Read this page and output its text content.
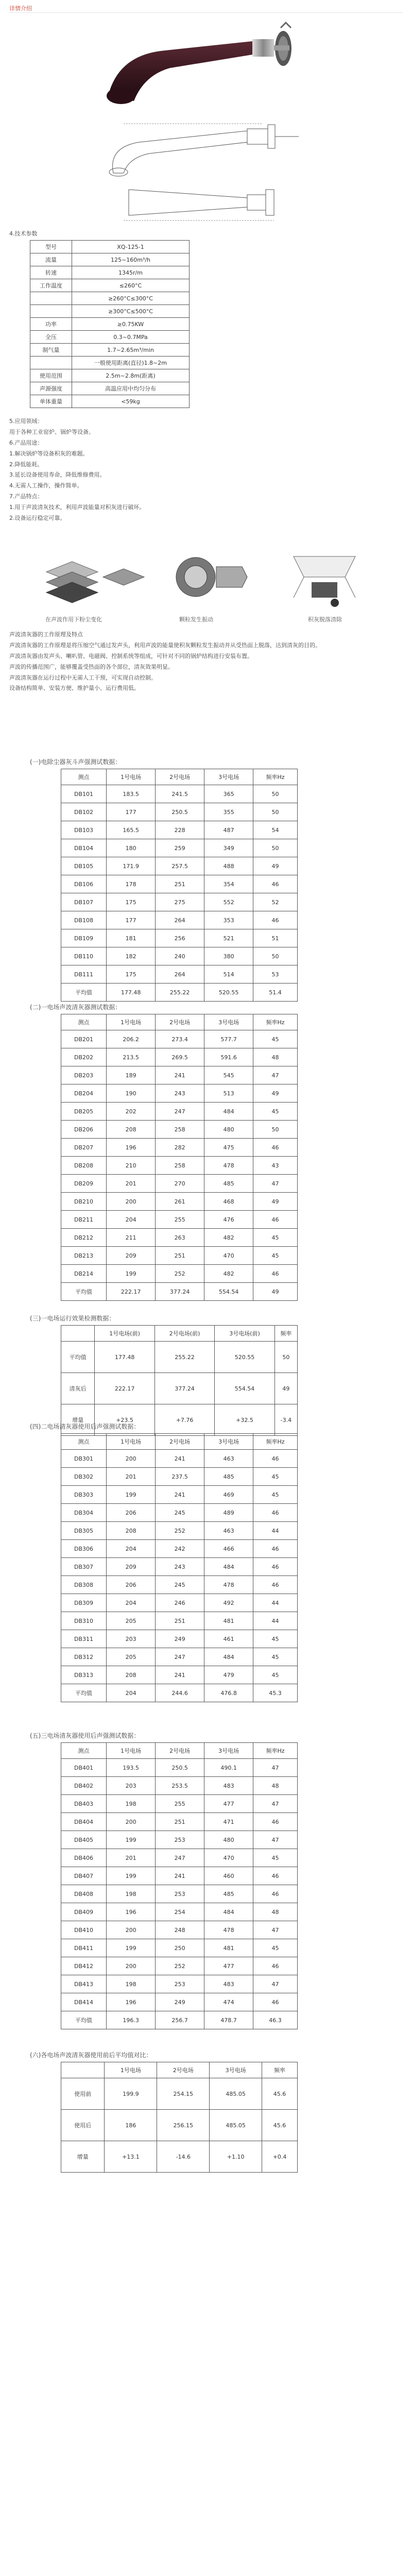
详情介绍
4.技术参数
型号	XQ-125-1
流量	125~160m³/h
转速	1345r/m
工作温度	≤260°C
	≥260°C≤300°C
	≥300°C≤500°C
功率	≥0.75KW
全压	0.3~0.7MPa
制气量	1.7~2.65m³/min
	一般使用距离(直径)1.8~2m
使用范围	2.5m~2.8m(距离)
声源强度	高温应用中均匀分布
单体重量	<59kg

5.应用领域：

用于各种工业窑炉、锅炉等设备。

6.产品用途：

1.解决锅炉等设备积灰的难题。

2.降低能耗。

3.延长设备使用寿命，降低维修费用。

4.无需人工操作，操作简单。

7.产品特点：

1.用于声波清灰技术，利用声波能量对积灰进行破坏。

2.设备运行稳定可靠。

在声波作用下粉尘变化	颗粒发生振动	积灰脱落清除

声波清灰器的工作原理及特点

声波清灰器的工作原理是将压缩空气通过发声头，利用声波的能量使积灰颗粒发生振动并从受热面上脱落，达到清灰的目的。

声波清灰器由发声头、喇叭管、电磁阀、控制系统等组成，可针对不同的锅炉结构进行安装布置。

声波的传播范围广，能够覆盖受热面的各个部位，清灰效果明显。

声波清灰器在运行过程中无需人工干预，可实现自动控制。

设备结构简单、安装方便、维护量小、运行费用低。

(一)电除尘器灰斗声强测试数据：
测点	1号电场	2号电场	3号电场	频率Hz
DB101	183.5	241.5	365	50
DB102	177	250.5	355	50
DB103	165.5	228	487	54
DB104	180	259	349	50
DB105	171.9	257.5	488	49
DB106	178	251	354	46
DB107	175	275	552	52
DB108	177	264	353	46
DB109	181	256	521	51
DB110	182	240	380	50
DB111	175	264	514	53
平均值	177.48	255.22	520.55	51.4
(二)一电场声波清灰器测试数据：
测点	1号电场	2号电场	3号电场	频率Hz
DB201	206.2	273.4	577.7	45
DB202	213.5	269.5	591.6	48
DB203	189	241	545	47
DB204	190	243	513	49
DB205	202	247	484	45
DB206	208	258	480	50
DB207	196	282	475	46
DB208	210	258	478	43
DB209	201	270	485	47
DB210	200	261	468	49
DB211	204	255	476	46
DB212	211	263	482	45
DB213	209	251	470	45
DB214	199	252	482	46
平均值	222.17	377.24	554.54	49
(三)一电场运行效果检测数据：
	1号电场(前)	2号电场(前)	3号电场(前)	频率
平均值	177.48	255.22	520.55	50
清灰后	222.17	377.24	554.54	49
增量	+23.5	+7.76	+32.5	-3.4
(四)二电场清灰器使用后声强测试数据：
测点	1号电场	2号电场	3号电场	频率Hz
DB301	200	241	463	46
DB302	201	237.5	485	45
DB303	199	241	469	45
DB304	206	245	489	46
DB305	208	252	463	44
DB306	204	242	466	46
DB307	209	243	484	46
DB308	206	245	478	46
DB309	204	246	492	44
DB310	205	251	481	44
DB311	203	249	461	45
DB312	205	247	484	45
DB313	208	241	479	45
平均值	204	244.6	476.8	45.3
(五)三电场清灰器使用后声强测试数据：
测点	1号电场	2号电场	3号电场	频率Hz
DB401	193.5	250.5	490.1	47
DB402	203	253.5	483	48
DB403	198	255	477	47
DB404	200	251	471	46
DB405	199	253	480	47
DB406	201	247	470	45
DB407	199	241	460	46
DB408	198	253	485	46
DB409	196	254	484	48
DB410	200	248	478	47
DB411	199	250	481	45
DB412	200	252	477	46
DB413	198	253	483	47
DB414	196	249	474	46
平均值	196.3	256.7	478.7	46.3
(六)各电场声波清灰器使用前后平均值对比：
	1号电场	2号电场	3号电场	频率
使用前	199.9	254.15	485.05	45.6
使用后	186	256.15	485.05	45.6
增量	+13.1	-14.6	+1.10	+0.4
